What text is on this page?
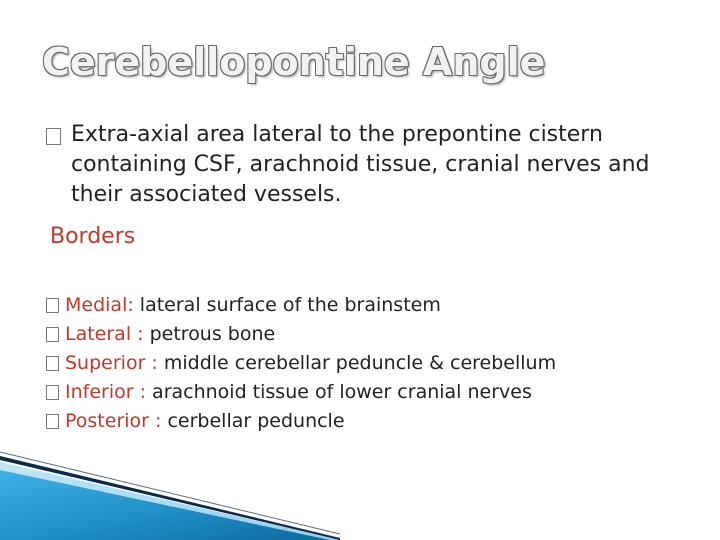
Cerebellopontine Angle
Extra-axial area lateral to the prepontine cistern containing CSF, arachnoid tissue, cranial nerves and their associated vessels.
Borders
Medial:
lateral surface of the brainstem
Lateral : petrous bone
Superior : middle cerebellar peduncle & cerebellum
Inferior : arachnoid tissue of lower cranial nerves
Posterior : cerbellar peduncle
